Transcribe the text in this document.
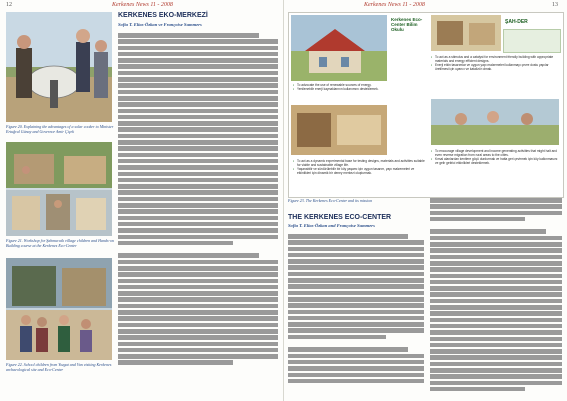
12	Kerkenes News 11 - 2008
Figure 20. Explaining the advantages of a solar cooker to Minister Ertuğrul Günay and Governor Amir Çiçek
Figure 21. Workshop for Şahmuratlı village children and Hands-on Building course at the Kerkenes Eco-Center
Figure 22. School children from Yozgat and Van visiting Kerkenes archaeological site and Eco-Center
KERKENES EKO-MERKEZİ
Sofia T. Elias-Özkan ve Françoise Summers
Kerkenes News 11 - 2008	13
Kerkenes Eco-Center Bilim Okulu
ŞAH-DER
▪ To advocate the use of renewable sources of energy.
▪ Yenilenebilir enerji kaynaklarının kullanımını desteklemek.
▪ To act as a stimulus and a catalyst for environment friendly building with appropriate materials and energy efficient designs.
▪ Enerji etkin tasarımlar ve uygun yapı malzemeleri kullanmayı çevre dostu yapılar üretilmesi için uyarıcı ve katalizör olmak.
▪ To act as a dynamic experimental base for testing designs, materials and activities suitable for viable and sustainable village life.
▪ Yaşanabilir ve sürdürülebilir bir köy yaşamı için uygun tasarım, yapı malzemeleri ve etkinlikleri için dinamik bir deney merkezi oluşturmak.
▪ To encourage village development and income generating activities that might halt and even reverse migration from rural areas to the cities.
▪ Kırsal alanlardan kentlere göçü durdurmak ve hatta geri çevirmek için köy kalkınmasını ve gelir getirici etkinlikleri desteklemek.
Figure 23. The Kerkenes Eco-Center and its mission
THE KERKENES ECO-CENTER
Sofia T. Elias-Özkan and Françoise Summers
